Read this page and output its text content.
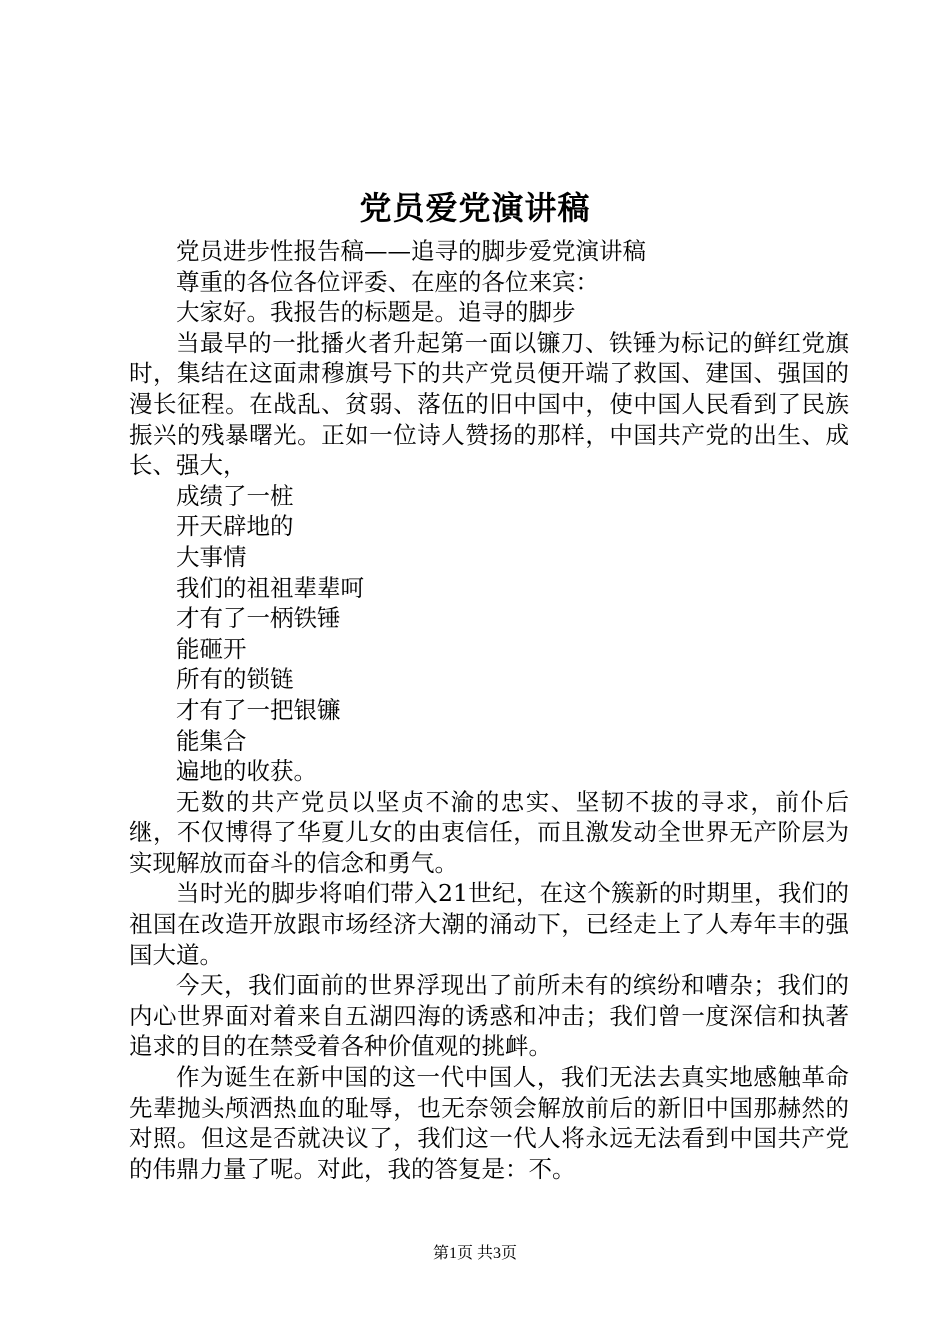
党员爱党演讲稿

党员进步性报告稿——追寻的脚步爱党演讲稿

尊重的各位各位评委、在座的各位来宾：

大家好。我报告的标题是。追寻的脚步

当最早的一批播火者升起第一面以镰刀、铁锤为标记的鲜红党旗时，集结在这面肃穆旗号下的共产党员便开端了救国、建国、强国的漫长征程。在战乱、贫弱、落伍的旧中国中，使中国人民看到了民族振兴的残暴曙光。正如一位诗人赞扬的那样，中国共产党的出生、成长、强大，

成绩了一桩

开天辟地的

大事情

我们的祖祖辈辈呵

才有了一柄铁锤

能砸开

所有的锁链

才有了一把银镰

能集合

遍地的收获。

无数的共产党员以坚贞不渝的忠实、坚韧不拔的寻求，前仆后继，不仅博得了华夏儿女的由衷信任，而且激发动全世界无产阶层为实现解放而奋斗的信念和勇气。

当时光的脚步将咱们带入21世纪，在这个簇新的时期里，我们的祖国在改造开放跟市场经济大潮的涌动下，已经走上了人寿年丰的强国大道。

今天，我们面前的世界浮现出了前所未有的缤纷和嘈杂；我们的内心世界面对着来自五湖四海的诱惑和冲击；我们曾一度深信和执著追求的目的在禁受着各种价值观的挑衅。

作为诞生在新中国的这一代中国人，我们无法去真实地感触革命先辈抛头颅洒热血的耻辱，也无奈领会解放前后的新旧中国那赫然的对照。但这是否就决议了，我们这一代人将永远无法看到中国共产党的伟鼎力量了呢。对此，我的答复是：不。

第1页 共3页
